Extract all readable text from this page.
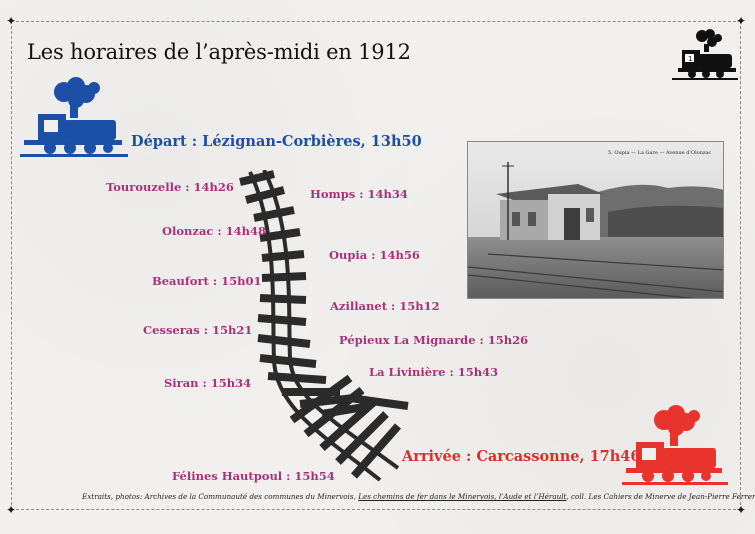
✦	✦
✦	✦
Les horaires de l’après-midi en 1912	1
Départ : Lézignan-Corbières, 13h50
Arrivée : Carcassonne, 17h46
Tourouzelle : 14h26	Homps : 14h34
Olonzac : 14h48
Oupia : 14h56
Beaufort : 15h01
Azillanet : 15h12
Cesseras : 15h21
Pépieux La Mignarde : 15h26
Siran : 15h34
La Livinière : 15h43
Félines Hautpoul : 15h54
5. Oupia — La Gare — Avenue d’Olonzac
Extraits, photos: Archives de la Communauté des communes du Minervois, Les chemins de fer dans le Minervois, l’Aude et l’Hérault, coll. Les Cahiers de Minerve de Jean-Pierre Ferrer
